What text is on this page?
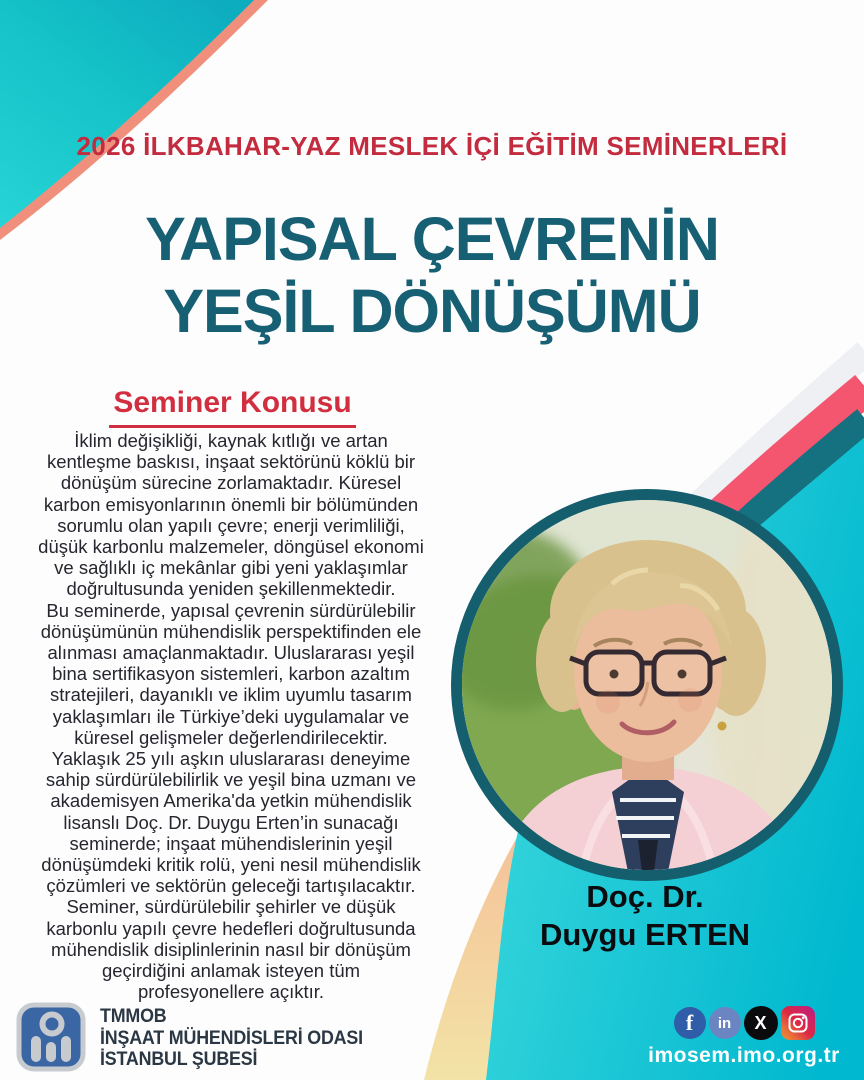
2026 İLKBAHAR-YAZ MESLEK İÇİ EĞİTİM SEMİNERLERİ
YAPISAL ÇEVRENİN
YEŞİL DÖNÜŞÜMÜ
Seminer Konusu
İklim değişikliği, kaynak kıtlığı ve artan
kentleşme baskısı, inşaat sektörünü köklü bir
dönüşüm sürecine zorlamaktadır. Küresel
karbon emisyonlarının önemli bir bölümünden
sorumlu olan yapılı çevre; enerji verimliliği,
düşük karbonlu malzemeler, döngüsel ekonomi
ve sağlıklı iç mekânlar gibi yeni yaklaşımlar
doğrultusunda yeniden şekillenmektedir.
Bu seminerde, yapısal çevrenin sürdürülebilir
dönüşümünün mühendislik perspektifinden ele
alınması amaçlanmaktadır. Uluslararası yeşil
bina sertifikasyon sistemleri, karbon azaltım
stratejileri, dayanıklı ve iklim uyumlu tasarım
yaklaşımları ile Türkiye’deki uygulamalar ve
küresel gelişmeler değerlendirilecektir.
Yaklaşık 25 yılı aşkın uluslararası deneyime
sahip sürdürülebilirlik ve yeşil bina uzmanı ve
akademisyen Amerika'da yetkin mühendislik
lisanslı Doç. Dr. Duygu Erten’in sunacağı
seminerde; inşaat mühendislerinin yeşil
dönüşümdeki kritik rolü, yeni nesil mühendislik
çözümleri ve sektörün geleceği tartışılacaktır.
Seminer, sürdürülebilir şehirler ve düşük
karbonlu yapılı çevre hedefleri doğrultusunda
mühendislik disiplinlerinin nasıl bir dönüşüm
geçirdiğini anlamak isteyen tüm
profesyonellere açıktır.
Doç. Dr.
Duygu ERTEN
TMMOB
İNŞAAT MÜHENDİSLERİ ODASI
İSTANBUL ŞUBESİ
f	in	X
imosem.imo.org.tr
